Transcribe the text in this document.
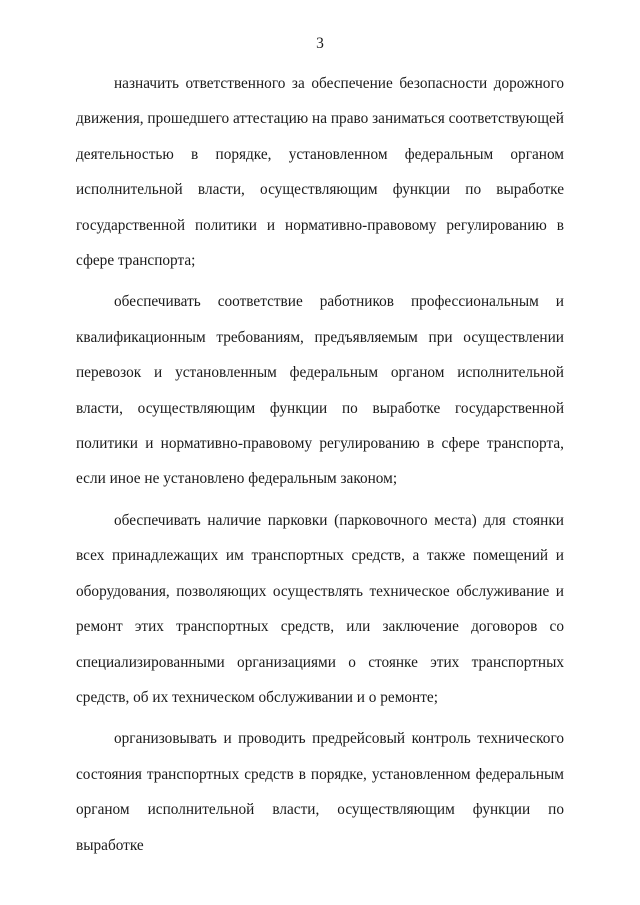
3

назначить ответственного за обеспечение безопасности дорожного движения, прошедшего аттестацию на право заниматься соответствующей деятельностью в порядке, установленном федеральным органом исполнительной власти, осуществляющим функции по выработке государственной политики и нормативно-правовому регулированию в сфере транспорта;

обеспечивать соответствие работников профессиональным и квалификационным требованиям, предъявляемым при осуществлении перевозок и установленным федеральным органом исполнительной власти, осуществляющим функции по выработке государственной политики и нормативно-правовому регулированию в сфере транспорта, если иное не установлено федеральным законом;

обеспечивать наличие парковки (парковочного места) для стоянки всех принадлежащих им транспортных средств, а также помещений и оборудования, позволяющих осуществлять техническое обслуживание и ремонт этих транспортных средств, или заключение договоров со специализированными организациями о стоянке этих транспортных средств, об их техническом обслуживании и о ремонте;

организовывать и проводить предрейсовый контроль технического состояния транспортных средств в порядке, установленном федеральным органом исполнительной власти, осуществляющим функции по выработке
